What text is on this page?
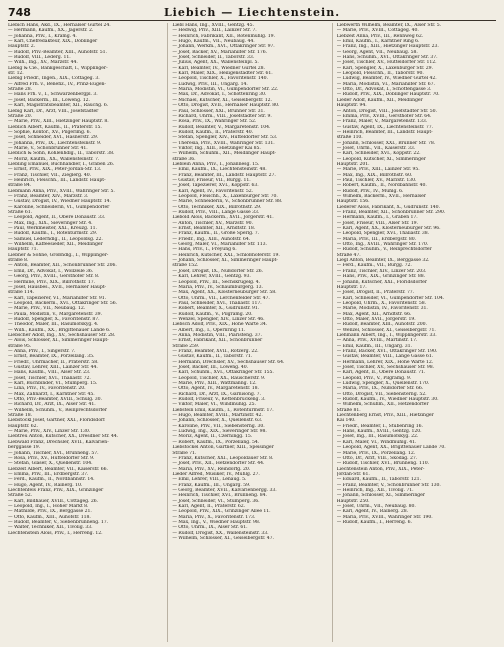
748	Liebich — Liechtenstein.
Liebich Hans, Akd., IX., Hernalser Gürtel 24.
— Hermann, Kaufm., XX., Jägerstr. 2.
— Johanna, Priv., I., Kramg. 4.
— Karl, Chefredakteur, XIX., Döblinger
Hauptstr. 2.
— Rudolf, Priv.-Beamter, XIII., Auhofstr. 51.
— Rudolf, VIII., Lederg. 11.
— Wilh., Ing., XV., Märzstr. 44.
Liebig & Cie., Bankgeschäft, I., Wipplinger-
str. 12.
Liebig Friedr., Ingen., XIX., Cottageg. 3.
— Alfred Frh. v., Benefiz., IV., Prinz-Eugen-
Straße 28.
— Hans Frh. v., I., Schwarzenbergpl. 3.
— Josef, Bäckerm., III., Löweng. 12.
— Karl, Magistratsbeamter, XII., Rauchg. 6.
Liebig Karl, Dr., Arzt, VIII., Josefstädter
Straße 20.
— Marie, Priv., XIII., Hietzinger Hauptstr. 8.
Lieblich Albert, Kaufm., II., Praterstr. 15.
— Sophie, Kontor., XV., Pilgerimg. 6.
— Josef, Schneider, XVI., Hasnerstr. 29.
— Johanna, Priv., IX., Liechtensteinstr. 9.
— Marie, V., Schönbrunner Str. 41.
Lieblich & Sohn, Kohlenhdlg., II., Taborstr. 38.
— Moriz, Kaufm., XX., Wallensteinstr. 7.
Liebling Emanuel, Buchhändler, I., Graben 26.
— Ernst, Priv., XIX., Peter-Jordan-Str. 13.
— Franz, Tischler, VII., Zieglerg. 40.
— Heinrich, Fleischh., III., Landstr. Haupt-
straße 84.
Liebmann Anna, Priv., XVIII., Währinger Str. 5.
— Franz, Beamter, XIV., Märzstr. 3.
— Gustav, Drogist, IV., Wiedner Hauptstr. 14.
— Karoline, Schneiderin, VI., Gumpendorfer
Straße 61.
— Leopold, Agent, II., Obere Donaustr. 33.
— Max, Ing., XIX., Sieveringer Str. 4.
— Paul, Werkmeister, XXI., Kreuzg. 11.
— Rudolf, Kaufm., I., Rotenturmstr. 29.
— Samuel, Lederhdlg., II., Leopoldsg. 22.
— Wilhelm, Kaffeesieder, XII., Meidlinger
Hauptstr. 71.
Liebner & Sohne, Großhdlg., I., Wipplinger-
straße 8.
— Anton, Beamter, XII., Schönbrunner Str. 206.
— Emil, Dr., Advokat, I., Wollzeile 36.
— Georg, Priv., XVIII., Gersthofer Str. 8.
— Hermine, Priv., XIX., Billrothstr. 17.
— Josef, Hausbes., XVII., Hernalser Haupt-
straße 114.
— Karl, Tapezierer, VI., Mariahilfer Str. 91.
— Leopold, Bäckerm., XVI., Ottakringer Str. 56.
— Marie, Priv., VII., Neubaug. 12.
— Paula, Modistin, V., Margaretenstr. 39.
— Rudolf, Spengler, X., Favoritenstr. 87.
— Theodor, Maler, III., Rasumofskyg. 4.
— Wilh., Kaufm., XX., Brigittenauer Lände 6.
Liebscher Adolf, Ing., XV., Sechshauser Str. 28.
— Alois, Schlosser, XI., Simmeringer Haupt-
straße 95.
— Anna, Priv., I., Singerstr. 7.
— Ernst, Beamter, IX., Porzellang. 35.
— Friedr., Uhrmacher, II., Praterstr. 58.
— Gustav, Lehrer, XIII., Lainzer Str. 44.
— Hans, Kaufm., VIII., Alser Str. 23.
— Josef, Tischler, XVI., Thaliastr. 72.
— Karl, Buchbinder, VI., Stumperg. 15.
— Lina, Priv., IV., Favoritenstr. 20.
— Max, Zahnarzt, I., Kärntner Str. 45.
— Otto, Priv.-Beamter, XVIII., Schulg. 30.
— Richard, Dr., Arzt, IX., Alser Str. 41.
— Wilhelm, Schuhm., V., Reinprechtsdorfer
Straße 18.
Liebstöckl Josef, Gärtner, XXI., Floridsdorf
Hauptstr. 62.
— Marie, Priv., XIV., Linzer Str. 130.
Liebtreu Anton, Kutscher, XX., Dresdner Str. 44.
Liebwald Franz, Drechsler, XVII., Kalvarien-
berggasse 19.
— Johann, Tischler, XVI., Brunneng. 57.
— Rosa, Priv., XV., Hütteldorfer Str. 9.
— Stefan, Glaser, X., Quellenstr. 104.
Liebzeit Albert, Beamter, VII., Kaiserstr. 66.
— Emma, Priv., III., Erdbergstr. 37.
— Ferd., Kaufm., II., Nordbahnstr. 14.
— Hugo, Agent, IV., Rainerg. 10.
Liechtenfels Franz, Priv., XIX., Grinzinger
Straße 52.
— Karl, Bildhauer, XVIII., Cottageg. 26.
— Leopold, Ing., I., Hoher Markt 8.
— Mathilde, Priv., IX., Berggasse 21.
— Otto, Kaufm., XIII., Auhofstr. 118.
— Rudolf, Beamter, V., Siebenbrunneng. 17.
— Walter, Techniker, XII., Tivolig. 33.
Liechtenstein Alois, Priv., I., Herreng. 12.
Liebl Hans, Ing., XVIII., Gentzg. 45.
— Hedwig, Priv., XIII., Lainzer Str. 7.
— Heinrich, Fabrikant, XII., Rotenmühlg. 19.
— Hugo, Kaufm., VII., Neubaug. 44.
— Johann, Werkm., XVI., Ottakringer Str. 97.
— Josef, Bäcker, XV., Mariahilfer Str. 176.
— Josef, Schneider, II., Taborstr. 33.
— Julius, Agent, XX., Wallensteinpl. 5.
— Karl, Beamter, IV., Wiedner Gürtel 28.
— Karl, Maler, XIX., Heiligenstädter Str. 61.
— Leopold, Tischler, X., Favoritenstr. 140.
— Ludwig, Priv., III., Ungarg. 14.
— Maria, Modistin, VI., Gumpendorfer Str. 22.
— Max, Dr., Advokat, I., Schottenring 30.
— Michael, Kutscher, XI., Geiselbergstr. 12.
— Otto, Drogist, XVII., Hernalser Hauptstr. 80.
— Paul, Schlosser, XXI., Brünner Str. 31.
— Richard, Uhrm., VIII., Josefstädter Str. 9.
— Rosa, Priv., IX., Währinger Str. 52.
— Rudolf, Beamter, V., Margaretenstr. 104.
— Rudolf, Kaufm., II., Praterstr. 40.
— Stefan, Spengler, XIV., Hütteldorfer Str. 53.
— Theresia, Priv., XVIII., Währinger Str. 131.
— Viktor, Ing., XIII., Hietzinger Kai 85.
— Wilhelm, Schuhm., XII., Meidlinger Haupt-
straße 36.
Lieblein Anna, Priv., I., Johannesg. 15.
— Emil, Kaufm., IX., Liechtensteinstr. 48.
— Franz, Beamter, III., Landstr. Hauptstr. 27.
— Gustav, Friseur, VII., Burgg. 11.
— Josef, Tapezierer, XVI., Koppstr. 63.
— Karl, Agent, IV., Favoritenstr. 52.
— Leopold, Fleischh., X., Laxenburger Str. 70.
— Marie, Schneiderin, V., Schönbrunner Str. 88.
— Otto, Techniker, XIX., Billrothstr. 29.
— Rudolf, Priv., VIII., Lange Gasse 33.
Liebold Alois, Bäckerm., XVII., Jörgerstr. 41.
— Anton, Tischler, XV., Märzstr. 90.
— Ernst, Beamter, XII., Arndtstr. 18.
— Franz, Kaufm., II., Große Sperlg. 7.
— Friedr., Ing., XIII., Auhofstr. 64.
— Georg, Maler, VI., Mariahilfer Str. 113.
— Hans, Priv., I., Freyung 6.
— Heinrich, Kutscher, XXI., Schloßhoferstr. 19.
— Johann, Schlosser, XI., Simmeringer Haupt-
straße 152.
— Josef, Drogist, IX., Nußdorfer Str. 26.
— Karl, Lehrer, XVIII., Gentzg. 93.
— Leopold, Priv., III., Sechskrügelg. 4.
— Maria, Priv., IV., Schaumburgerg. 13.
— Max, Agent, XX., Klosterneuburger Str. 58.
— Otto, Uhrm., VII., Lerchenfelder Str. 47.
— Paul, Schneider, XVI., Thaliastr. 117.
— Robert, Beamter, X., Gudrunstr. 91.
— Rudolf, Kaufm., V., Pilgramg. 20.
— Wenzel, Spengler, XIV., Linzer Str. 46.
Liebsch Adolf, Priv., XIX., Hohe Warte 34.
— Albert, Ing., I., Opernring 11.
— Anna, Modistin, VIII., Piaristeng. 37.
— Ernst, Fabrikant, XII., Schönbrunner
Straße 259.
— Franz, Beamter, XVII., Rötzerg. 22.
— Gustav, Kaufm., II., Taborstr. 71.
— Hermann, Drechsler, XV., Sechshauser Str. 64.
— Josef, Bäcker, III., Löweng. 40.
— Karl, Schuhm., XVI., Ottakringer Str. 155.
— Leopold, Tischler, XX., Rauscherstr. 9.
— Marie, Priv., XIII., Wattmanng. 12.
— Otto, Agent, IV., Margaretenstr. 18.
— Richard, Dr., Arzt, IX., Garnisong. 7.
— Rudolf, Friseur, V., Kettenbrückeng. 3.
— Viktor, Maler, VI., Windmühlg. 25.
Liebstein Emil, Kaufm., I., Rotenturmstr. 17.
— Hugo, Beamter, XVIII., Martinstr. 42.
— Johann, Schlosser, X., Quellenstr. 63.
— Karoline, Priv., VII., Siebensterng. 30.
— Ludwig, Ing., XIX., Sieveringer Str. 98.
— Moriz, Agent, II., Czerningg. 15.
— Robert, Kaufm., IX., Porzellang. 54.
Liebstöckel Anton, Gärtner, XIII., Speisinger
Straße 71.
— Franz, Kutscher, XXI., Leopoldauer Str. 8.
— Josef, Priv., XII., Hetzendorfer Str. 44.
— Maria, Priv., XV., Reindorfg. 20.
Lieder Alfred, Musiker, IV., Mühlg. 27.
— Emil, Lehrer, VIII., Lenaug. 5.
— Franz, Kaufm., III., Ungarg. 59.
— Georg, Beamter, XVII., Kalvarienbergg. 33.
— Heinrich, Tischler, XVI., Brunneng. 84.
— Josef, Schneider, VI., Stumperg. 36.
— Karl, Agent, II., Praterstr. 62.
— Leopold, Priv., XIX., Grinzinger Allee 11.
— Maria, Priv., X., Favoritenstr. 173.
— Max, Ing., V., Wiedner Hauptstr. 98.
— Otto, Uhrm., IX., Alser Str. 61.
— Rudolf, Drogist, XX., Wallensteinstr. 33.
— Wilhelm, Schlosser, XI., Geiselbergstr. 47.
Liebwerth Wilhelm, Beamter, IX., Alser Str. 5.
— Marie, Priv., XVIII., Cottageg. 40.
Liebzeit Anna, Priv., III., Rennweg 62.
— Emil, Kaufm., I., Kärntner Ring 6.
— Franz, Ing., XIII., Hietzinger Hauptstr. 23.
— Georg, Agent, VII., Neubaug. 58.
— Hans, Schuhm., XVI., Ottakringer Str. 37.
— Josef, Tischler, XV., Hütteldorfer Str. 112.
— Karl, Spengler, X., Laxenburger Str. 29.
— Leopold, Fleischh., II., Taborstr. 90.
— Ludwig, Beamter, IV., Wiedner Gürtel 42.
— Maria, Modistin, VI., Mariahilfer Str. 67.
— Otto, Dr., Advokat, I., Schottengasse 3.
— Rudolf, Priv., XIX., Döblinger Hauptstr. 70.
Lieder Adolf, Kaufm., XII., Meidlinger
Hauptstr. 94.
— Anton, Drogist, VIII., Josefstädter Str. 50.
— Emma, Priv., XVIII., Gersthofer Str. 64.
— Franz, Maler, V., Margaretenstr. 133.
— Gustav, Agent, IX., Liechtensteinstr. 77.
— Heinrich, Beamter, III., Landstr. Haupt-
straße 110.
— Johann, Schlosser, XXI., Brünner Str. 78.
— Josef, Uhrm., VII., Kaiserstr. 33.
— Karl, Schneider, XVI., Koppstr. 22.
— Leopold, Kutscher, XI., Simmeringer
Hauptstr. 201.
— Marie, Priv., XIII., Lainzer Str. 95.
— Max, Ing., XIX., Billrothstr. 60.
— Paul, Tischler, XV., Märzstr. 130.
— Robert, Kaufm., II., Nordbahnstr. 40.
— Rudolf, Priv., IV., Mühlg. 6.
— Wilhelm, Bäckerm., XVII., Hernalser
Hauptstr. 156.
Liederer Alois, Fabrikant, X., Gudrunstr. 140.
— Franz, Beamter, XII., Schönbrunner Str. 290.
— Hermann, Kaufm., I., Graben 17.
— Josef, Friseur, VIII., Alser Str. 19.
— Karl, Agent, XX., Klosterneuburger Str. 96.
— Leopold, Spengler, XVI., Thaliastr. 38.
— Maria, Priv., III., Erdbergstr. 80.
— Otto, Ing., XVIII., Währinger Str. 170.
— Rudolf, Schuhm., V., Reinprechtsdorfer
Straße 47.
Liegl Anton, Beamter, IX., Berggasse 32.
— Ferd., Kaufm., VII., Burgg. 72.
— Franz, Tischler, XIV., Linzer Str. 203.
— Hans, Priv., XIX., Grinzinger Str. 88.
— Johann, Kutscher, XXI., Floridsdorfer
Hauptstr. 17.
— Josef, Drogist, II., Praterstr. 77.
— Karl, Schneider, VI., Gumpendorfer Str. 104.
— Leopold, Uhrm., X., Favoritenstr. 58.
— Marie, Modistin, IV., Favoritenstr. 31.
— Max, Agent, XII., Arndtstr. 66.
— Otto, Maler, XVII., Jörgerstr. 19.
— Rudolf, Beamter, XIII., Auhofstr. 200.
— Wenzel, Schlosser, XI., Geiselbergstr. 71.
Liehmann Albert, Ing., I., Wipplingerstr. 33.
— Anna, Priv., XVIII., Martinstr. 17.
— Emil, Kaufm., III., Ungarg. 31.
— Franz, Bäcker, XVI., Ottakringer Str. 190.
— Gustav, Beamter, VIII., Lange Gasse 61.
— Hermann, Lehrer, XIX., Hohe Warte 12.
— Josef, Tischler, XV., Sechshauser Str. 98.
— Karl, Agent, II., Obere Donaustr. 71.
— Leopold, Priv., V., Pilgramg. 9.
— Ludwig, Spengler, X., Quellenstr. 170.
— Maria, Priv., IX., Nußdorfer Str. 66.
— Otto, Drogist, VII., Siebensterng. 52.
— Rudolf, Kaufm., IV., Wiedner Hauptstr. 30.
— Wilhelm, Schuhm., XII., Hetzendorfer
Straße 81.
Liechtenberg Ernst, Priv., XIII., Hietzinger
Kai 140.
— Friedr., Beamter, I., Stubenring 16.
— Hans, Kaufm., XVIII., Gentzg. 120.
— Josef, Ing., III., Rasumofskyg. 22.
— Karl, Maler, VI., Windmühlg. 41.
— Leopold, Agent, XX., Brigittenauer Lände 70.
— Marie, Priv., IX., Porzellang. 12.
— Otto, Dr., Arzt, VIII., Skodag. 27.
— Rudolf, Tischler, XVI., Brunneng. 110.
Liechtenstein Anton, Priv., XIX., Peter-
Jordan-Str. 61.
— Eduard, Kaufm., II., Taborstr. 121.
— Franz, Beamter, V., Schönbrunner Str. 130.
— Heinrich, Ing., XII., Tivolig. 71.
— Johann, Schlosser, XI., Simmeringer
Hauptstr. 250.
— Josef, Uhrm., VII., Neubaug. 80.
— Karl, Agent, IV., Rainerg. 28.
— Maria, Priv., XVIII., Währinger Str. 190.
— Rudolf, Kaufm., I., Herreng. 6.
